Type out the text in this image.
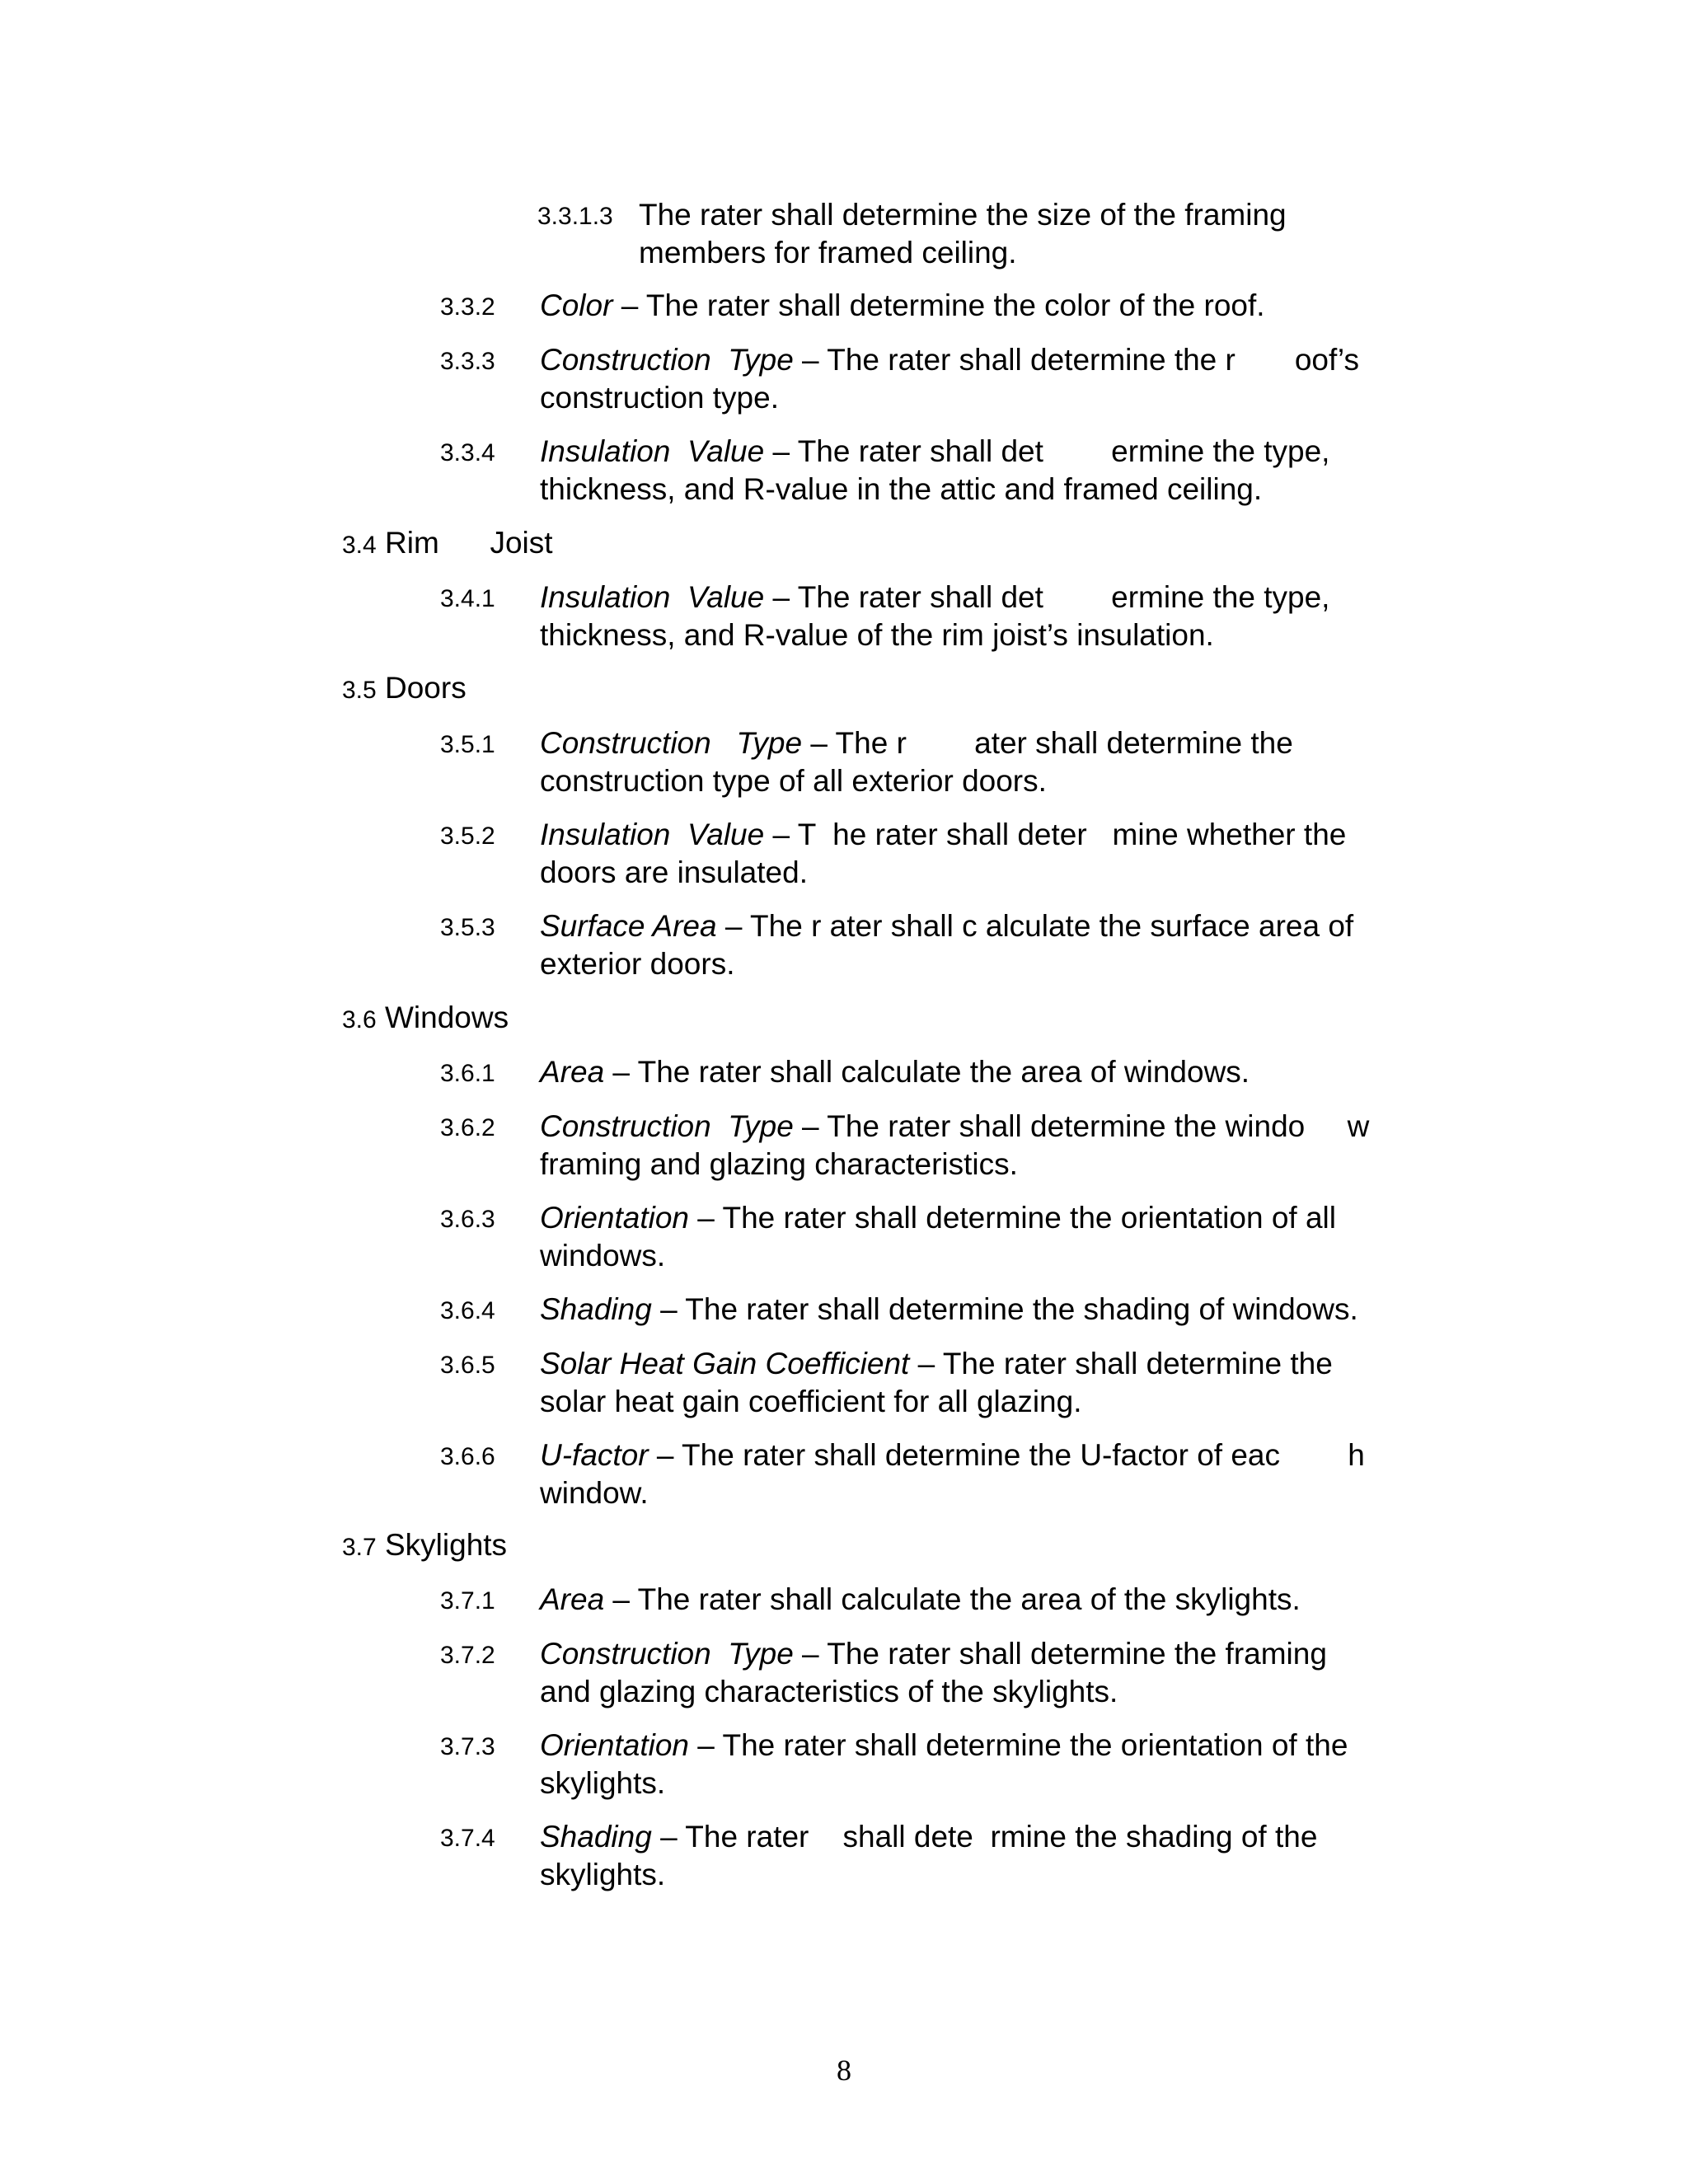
3.3.1.3 The rater shall determine the size of the framing
members for framed ceiling.
3.3.2 Color – The rater shall determine the color of the roof.
3.3.3 Construction  Type – The rater shall determine the r       oof’s
construction type.
3.3.4 Insulation  Value – The rater shall det        ermine the type,
thickness, and R-value in the attic and framed ceiling.
3.4 Rim      Joist
3.4.1 Insulation  Value – The rater shall det        ermine the type,
thickness, and R-value of the rim joist’s insulation.
3.5 Doors
3.5.1 Construction   Type – The r        ater shall determine the
construction type of all exterior doors.
3.5.2 Insulation  Value – T  he rater shall deter   mine whether the
doors are insulated.
3.5.3 Surface Area – The r ater shall c alculate the surface area of
exterior doors.
3.6 Windows
3.6.1 Area – The rater shall calculate the area of windows.
3.6.2 Construction  Type – The rater shall determine the windo     w
framing and glazing characteristics.
3.6.3 Orientation – The rater shall determine the orientation of all
windows.
3.6.4 Shading – The rater shall determine the shading of windows.
3.6.5 Solar Heat Gain Coefficient – The rater shall determine the
solar heat gain coefficient for all glazing.
3.6.6 U-factor – The rater shall determine the U-factor of eac        h
window.
3.7 Skylights
3.7.1 Area – The rater shall calculate the area of the skylights.
3.7.2 Construction  Type – The rater shall determine the framing
and glazing characteristics of the skylights.
3.7.3 Orientation – The rater shall determine the orientation of the
skylights.
3.7.4 Shading – The rater    shall dete  rmine the shading of the
skylights.
8
